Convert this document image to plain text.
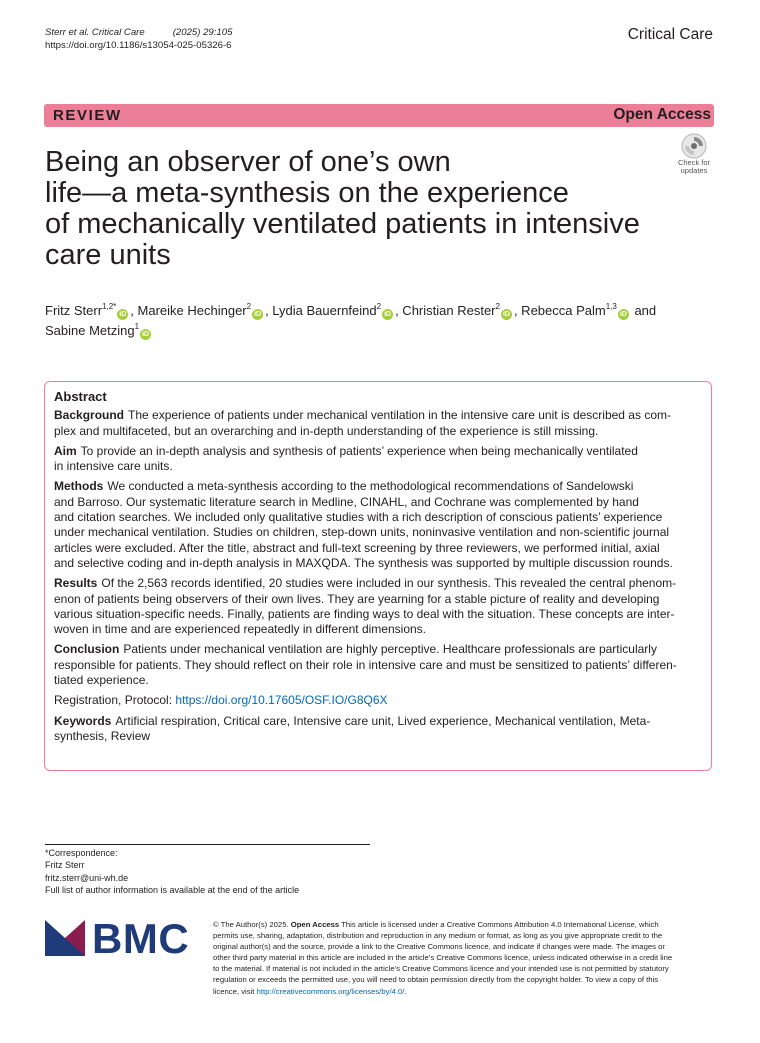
Sterr et al. Critical Care	(2025) 29:105
https://doi.org/10.1186/s13054-025-05326-6
Critical Care
REVIEW	Open Access
Check for
updates
Being an observer of one’s own
life—a meta-synthesis on the experience
of mechanically ventilated patients in intensive
care units
Fritz Sterr$^{1,2*}$iD , Mareike Hechinger$^2$iD , Lydia Bauernfeind$^2$iD , Christian Rester$^2$iD , Rebecca Palm$^{1,3}$iD and
Sabine Metzing$^1$iD
Abstract
Background The experience of patients under mechanical ventilation in the intensive care unit is described as com-
plex and multifaceted, but an overarching and in-depth understanding of the experience is still missing.
Aim To provide an in-depth analysis and synthesis of patients’ experience when being mechanically ventilated
in intensive care units.
Methods We conducted a meta-synthesis according to the methodological recommendations of Sandelowski
and Barroso. Our systematic literature search in Medline, CINAHL, and Cochrane was complemented by hand
and citation searches. We included only qualitative studies with a rich description of conscious patients’ experience
under mechanical ventilation. Studies on children, step-down units, noninvasive ventilation and non-scientific journal
articles were excluded. After the title, abstract and full-text screening by three reviewers, we performed initial, axial
and selective coding and in-depth analysis in MAXQDA. The synthesis was supported by multiple discussion rounds.
Results Of the 2,563 records identified, 20 studies were included in our synthesis. This revealed the central phenom-
enon of patients being observers of their own lives. They are yearning for a stable picture of reality and developing
various situation-specific needs. Finally, patients are finding ways to deal with the situation. These concepts are inter-
woven in time and are experienced repeatedly in different dimensions.
Conclusion Patients under mechanical ventilation are highly perceptive. Healthcare professionals are particularly
responsible for patients. They should reflect on their role in intensive care and must be sensitized to patients’ differen-
tiated experience.
Registration, Protocol: https://doi.org/10.17605/OSF.IO/G8Q6X
Keywords Artificial respiration, Critical care, Intensive care unit, Lived experience, Mechanical ventilation, Meta-
synthesis, Review
*Correspondence:
Fritz Sterr
fritz.sterr@uni-wh.de
Full list of author information is available at the end of the article
BMC	© The Author(s) 2025. Open Access This article is licensed under a Creative Commons Attribution 4.0 International License, which
permits use, sharing, adaptation, distribution and reproduction in any medium or format, as long as you give appropriate credit to the
original author(s) and the source, provide a link to the Creative Commons licence, and indicate if changes were made. The images or
other third party material in this article are included in the article’s Creative Commons licence, unless indicated otherwise in a credit line
to the material. If material is not included in the article’s Creative Commons licence and your intended use is not permitted by statutory
regulation or exceeds the permitted use, you will need to obtain permission directly from the copyright holder. To view a copy of this
licence, visit http://creativecommons.org/licenses/by/4.0/.
